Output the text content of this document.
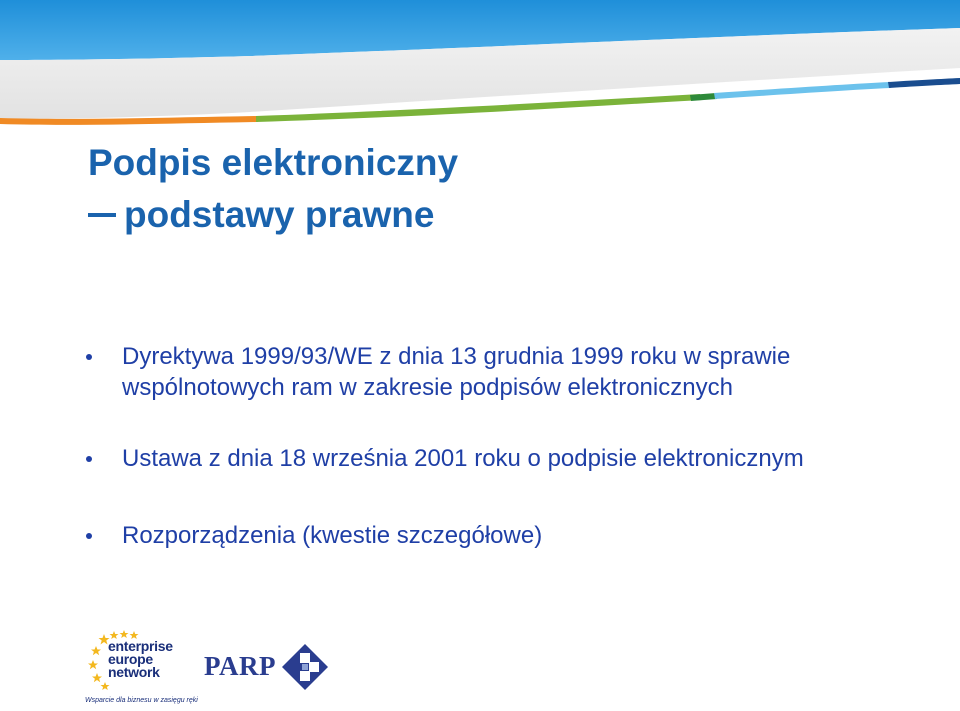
Podpis elektroniczny
podstawy prawne
Dyrektywa 1999/93/WE z dnia 13 grudnia 1999 roku w sprawie
wspólnotowych ram w zakresie podpisów elektronicznych
Ustawa z dnia 18 września 2001 roku o podpisie elektronicznym
Rozporządzenia (kwestie szczegółowe)
enterprise
europe
network
Wsparcie dla biznesu w zasięgu ręki
PARP
